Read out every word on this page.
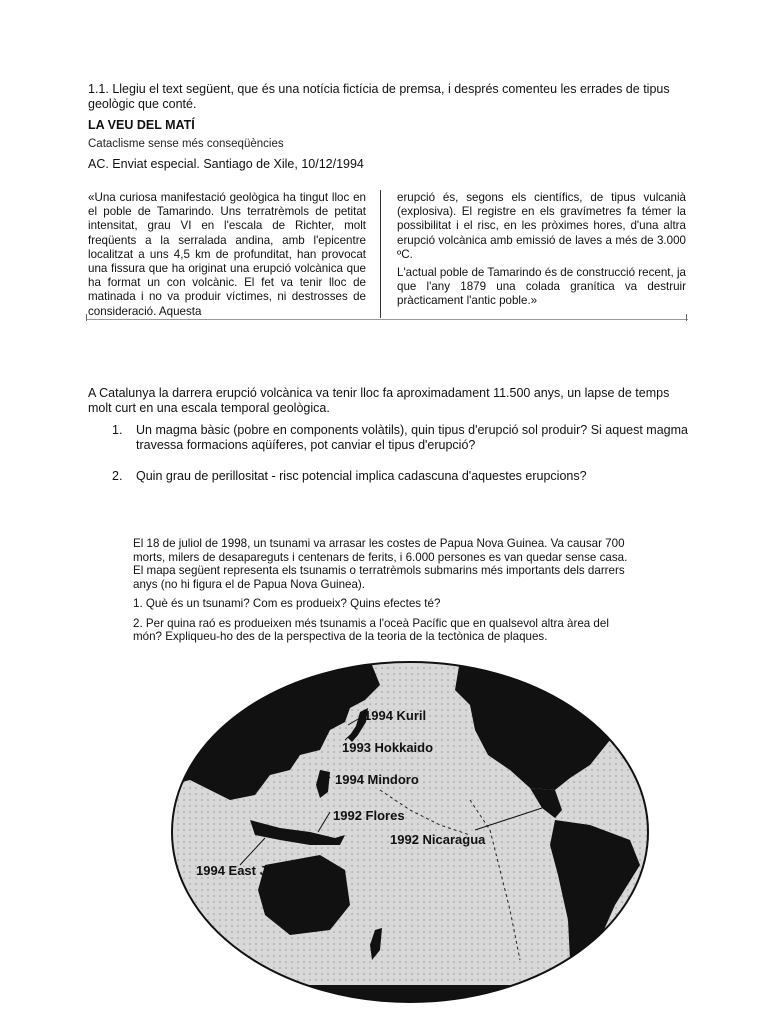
1.1. Llegiu el text següent, que és una notícia fictícia de premsa, i després comenteu les errades de tipus geològic que conté.
LA VEU DEL MATÍ
Cataclisme sense més conseqüències
AC. Enviat especial. Santiago de Xile, 10/12/1994

«Una curiosa manifestació geològica ha tingut lloc en el poble de Tamarindo. Uns terratrèmols de petitat intensitat, grau VI en l'escala de Richter, molt freqüents a la serralada andina, amb l'epicentre localitzat a uns 4,5 km de profunditat, han provocat una fissura que ha originat una erupció volcànica que ha format un con volcànic. El fet va tenir lloc de matinada i no va produir víctimes, ni destrosses de consideració. Aquesta

erupció és, segons els científics, de tipus vulcanià (explosiva). El registre en els gravímetres fa témer la possibilitat i el risc, en les pròximes hores, d'una altra erupció volcànica amb emissió de laves a més de 3.000 ºC.

L'actual poble de Tamarindo és de construcció recent, ja que l'any 1879 una colada granítica va destruir pràcticament l'antic poble.»

A Catalunya la darrera erupció volcànica va tenir lloc fa aproximadament 11.500 anys, un lapse de temps molt curt en una escala temporal geològica.
1.	Un magma bàsic (pobre en components volàtils), quin tipus d'erupció sol produir? Si aquest magma travessa formacions aqüíferes, pot canviar el tipus d'erupció?
2.	Quin grau de perillositat - risc potencial implica cadascuna d'aquestes erupcions?

El 18 de juliol de 1998, un tsunami va arrasar les costes de Papua Nova Guinea. Va causar 700 morts, milers de desapareguts i centenars de ferits, i 6.000 persones es van quedar sense casa. El mapa següent representa els tsunamis o terratrèmols submarins més importants dels darrers anys (no hi figura el de Papua Nova Guinea).

1. Què és un tsunami? Com es produeix? Quins efectes té?

2. Per quina raó es produeixen més tsunamis a l'oceà Pacífic que en qualsevol altra àrea del món? Expliqueu-ho des de la perspectiva de la teoria de la tectònica de plaques.

1994 Kuril
1993 Hokkaido
1994 Mindoro
1992 Flores
1992 Nicaragua
1994 East Java
